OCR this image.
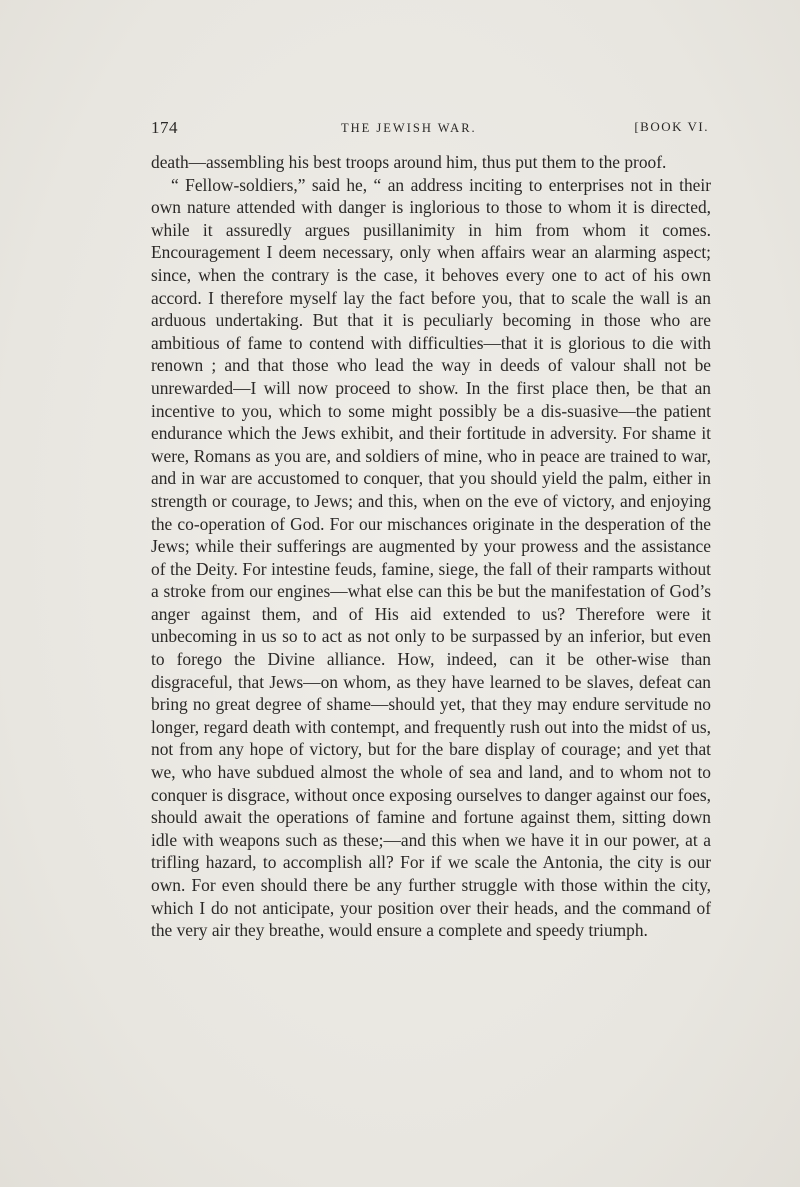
174	THE JEWISH WAR.	[BOOK VI.

death—assembling his best troops around him, thus put them to the proof.

“ Fellow-soldiers,” said he, “ an address inciting to enterprises not in their own nature attended with danger is inglorious to those to whom it is directed, while it assuredly argues pusillanimity in him from whom it comes. Encouragement I deem necessary, only when affairs wear an alarming aspect; since, when the contrary is the case, it behoves every one to act of his own accord. I therefore myself lay the fact before you, that to scale the wall is an arduous undertaking. But that it is peculiarly becoming in those who are ambitious of fame to contend with difficulties—that it is glorious to die with renown ; and that those who lead the way in deeds of valour shall not be unrewarded—I will now proceed to show. In the first place then, be that an incentive to you, which to some might possibly be a dis-suasive—the patient endurance which the Jews exhibit, and their fortitude in adversity. For shame it were, Romans as you are, and soldiers of mine, who in peace are trained to war, and in war are accustomed to conquer, that you should yield the palm, either in strength or courage, to Jews; and this, when on the eve of victory, and enjoying the co-operation of God. For our mischances originate in the desperation of the Jews; while their sufferings are augmented by your prowess and the assistance of the Deity. For intestine feuds, famine, siege, the fall of their ramparts without a stroke from our engines—what else can this be but the manifestation of God’s anger against them, and of His aid extended to us? Therefore were it unbecoming in us so to act as not only to be surpassed by an inferior, but even to forego the Divine alliance. How, indeed, can it be other-wise than disgraceful, that Jews—on whom, as they have learned to be slaves, defeat can bring no great degree of shame—should yet, that they may endure servitude no longer, regard death with contempt, and frequently rush out into the midst of us, not from any hope of victory, but for the bare display of courage; and yet that we, who have subdued almost the whole of sea and land, and to whom not to conquer is disgrace, without once exposing ourselves to danger against our foes, should await the operations of famine and fortune against them, sitting down idle with weapons such as these;—and this when we have it in our power, at a trifling hazard, to accomplish all? For if we scale the Antonia, the city is our own. For even should there be any further struggle with those within the city, which I do not anticipate, your position over their heads, and the command of the very air they breathe, would ensure a complete and speedy triumph.
